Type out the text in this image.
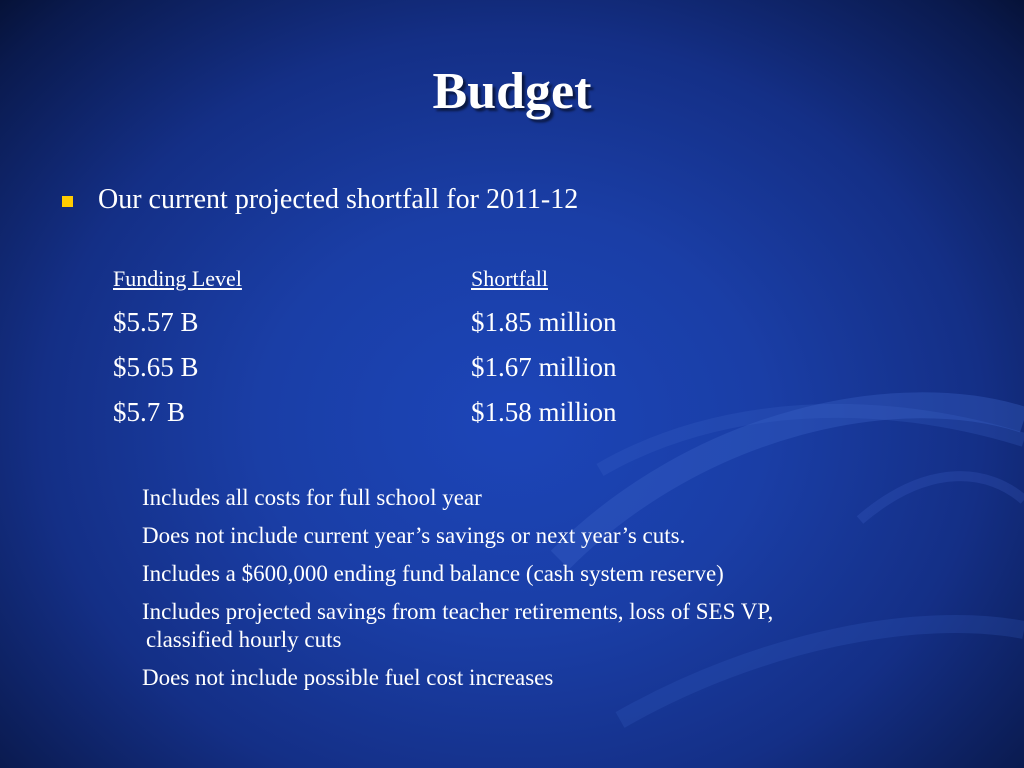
Budget
Our current projected shortfall for 2011-12
Funding Level	Shortfall
$5.57 B	$1.85 million
$5.65 B	$1.67 million
$5.7 B	$1.58 million
Includes all costs for full school year
Does not include current year’s savings or next year’s cuts.
Includes a $600,000 ending fund balance (cash system reserve)
Includes projected savings from teacher retirements, loss of SES VP,
classified hourly cuts
Does not include possible fuel cost increases
